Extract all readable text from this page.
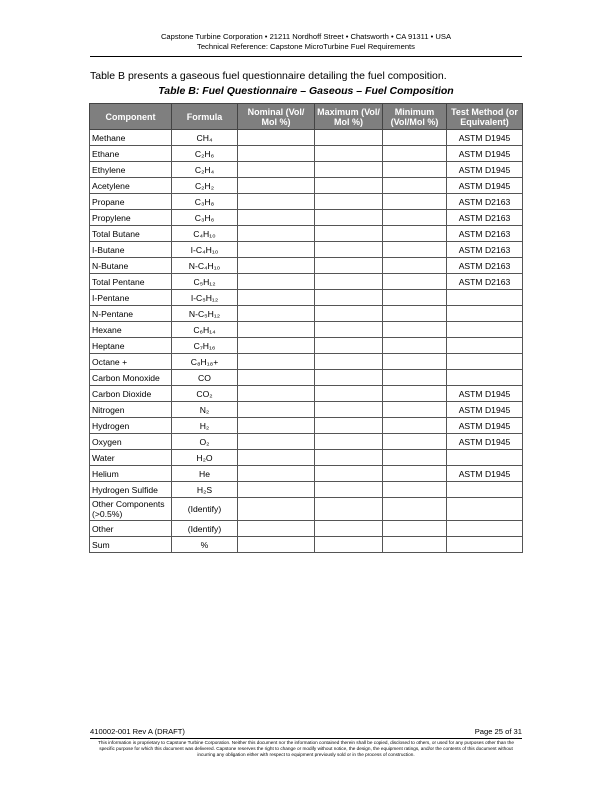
Capstone Turbine Corporation • 21211 Nordhoff Street • Chatsworth • CA 91311 • USA
Technical Reference: Capstone MicroTurbine Fuel Requirements
Table B presents a gaseous fuel questionnaire detailing the fuel composition.
Table B: Fuel Questionnaire – Gaseous – Fuel Composition
Component	Formula	Nominal (Vol/ Mol %)	Maximum (Vol/ Mol %)	Minimum (Vol/Mol %)	Test Method (or Equivalent)
Methane	CH₄				ASTM D1945
Ethane	C₂H₆				ASTM D1945
Ethylene	C₂H₄				ASTM D1945
Acetylene	C₂H₂				ASTM D1945
Propane	C₃H₈				ASTM D2163
Propylene	C₃H₆				ASTM D2163
Total Butane	C₄H₁₀				ASTM D2163
I-Butane	I-C₄H₁₀				ASTM D2163
N-Butane	N-C₄H₁₀				ASTM D2163
Total Pentane	C₅H₁₂				ASTM D2163
I-Pentane	I-C₅H₁₂				
N-Pentane	N-C₅H₁₂				
Hexane	C₆H₁₄				
Heptane	C₇H₁₆				
Octane +	C₈H₁₈+				
Carbon Monoxide	CO				
Carbon Dioxide	CO₂				ASTM D1945
Nitrogen	N₂				ASTM D1945
Hydrogen	H₂				ASTM D1945
Oxygen	O₂				ASTM D1945
Water	H₂O				
Helium	He				ASTM D1945
Hydrogen Sulfide	H₂S				
Other Components (>0.5%)	(Identify)				
Other	(Identify)				
Sum	%				
410002-001 Rev A (DRAFT)	Page 25 of 31
This information is proprietary to Capstone Turbine Corporation. Neither this document nor the information contained therein shall be copied, disclosed to others, or used for any purposes other than the specific purpose for which this document was delivered. Capstone reserves the right to change or modify without notice, the design, the equipment ratings, and/or the contents of this document without incurring any obligation either with respect to equipment previously sold or in the process of construction.
